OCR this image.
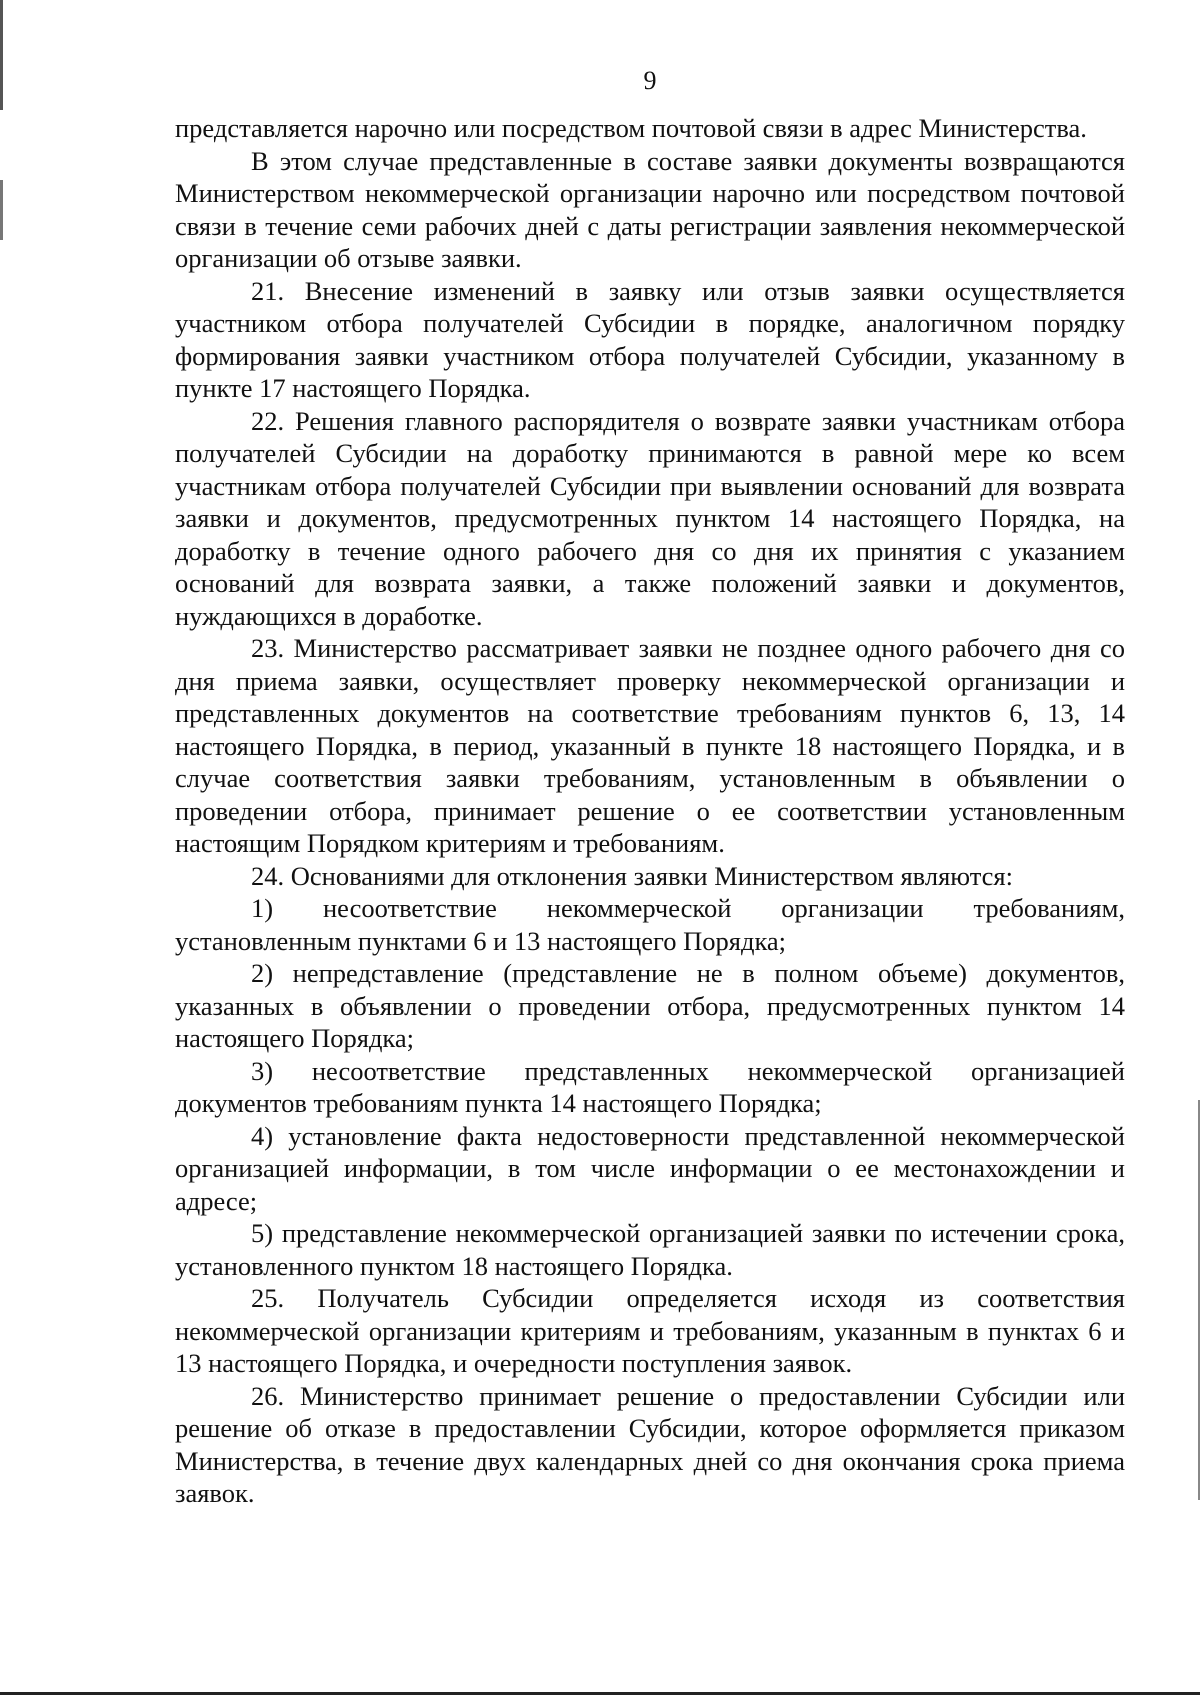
9

представляется нарочно или посредством почтовой связи в адрес Министерства.

В этом случае представленные в составе заявки документы возвращаются Министерством некоммерческой организации нарочно или посредством почтовой связи в течение семи рабочих дней с даты регистрации заявления некоммерческой организации об отзыве заявки.

21. Внесение изменений в заявку или отзыв заявки осуществляется участником отбора получателей Субсидии в порядке, аналогичном порядку формирования заявки участником отбора получателей Субсидии, указанному в пункте 17 настоящего Порядка.

22. Решения главного распорядителя о возврате заявки участникам отбора получателей Субсидии на доработку принимаются в равной мере ко всем участникам отбора получателей Субсидии при выявлении оснований для возврата заявки и документов, предусмотренных пунктом 14 настоящего Порядка, на доработку в течение одного рабочего дня со дня их принятия с указанием оснований для возврата заявки, а также положений заявки и документов, нуждающихся в доработке.

23. Министерство рассматривает заявки не позднее одного рабочего дня со дня приема заявки, осуществляет проверку некоммерческой организации и представленных документов на соответствие требованиям пунктов 6, 13, 14 настоящего Порядка, в период, указанный в пункте 18 настоящего Порядка, и в случае соответствия заявки требованиям, установленным в объявлении о проведении отбора, принимает решение о ее соответствии установленным настоящим Порядком критериям и требованиям.

24. Основаниями для отклонения заявки Министерством являются:

1) несоответствие некоммерческой организации требованиям, установленным пунктами 6 и 13 настоящего Порядка;

2) непредставление (представление не в полном объеме) документов, указанных в объявлении о проведении отбора, предусмотренных пунктом 14 настоящего Порядка;

3) несоответствие представленных некоммерческой организацией документов требованиям пункта 14 настоящего Порядка;

4) установление факта недостоверности представленной некоммерческой организацией информации, в том числе информации о ее местонахождении и адресе;

5) представление некоммерческой организацией заявки по истечении срока, установленного пунктом 18 настоящего Порядка.

25. Получатель Субсидии определяется исходя из соответствия некоммерческой организации критериям и требованиям, указанным в пунктах 6 и 13 настоящего Порядка, и очередности поступления заявок.

26. Министерство принимает решение о предоставлении Субсидии или решение об отказе в предоставлении Субсидии, которое оформляется приказом Министерства, в течение двух календарных дней со дня окончания срока приема заявок.
